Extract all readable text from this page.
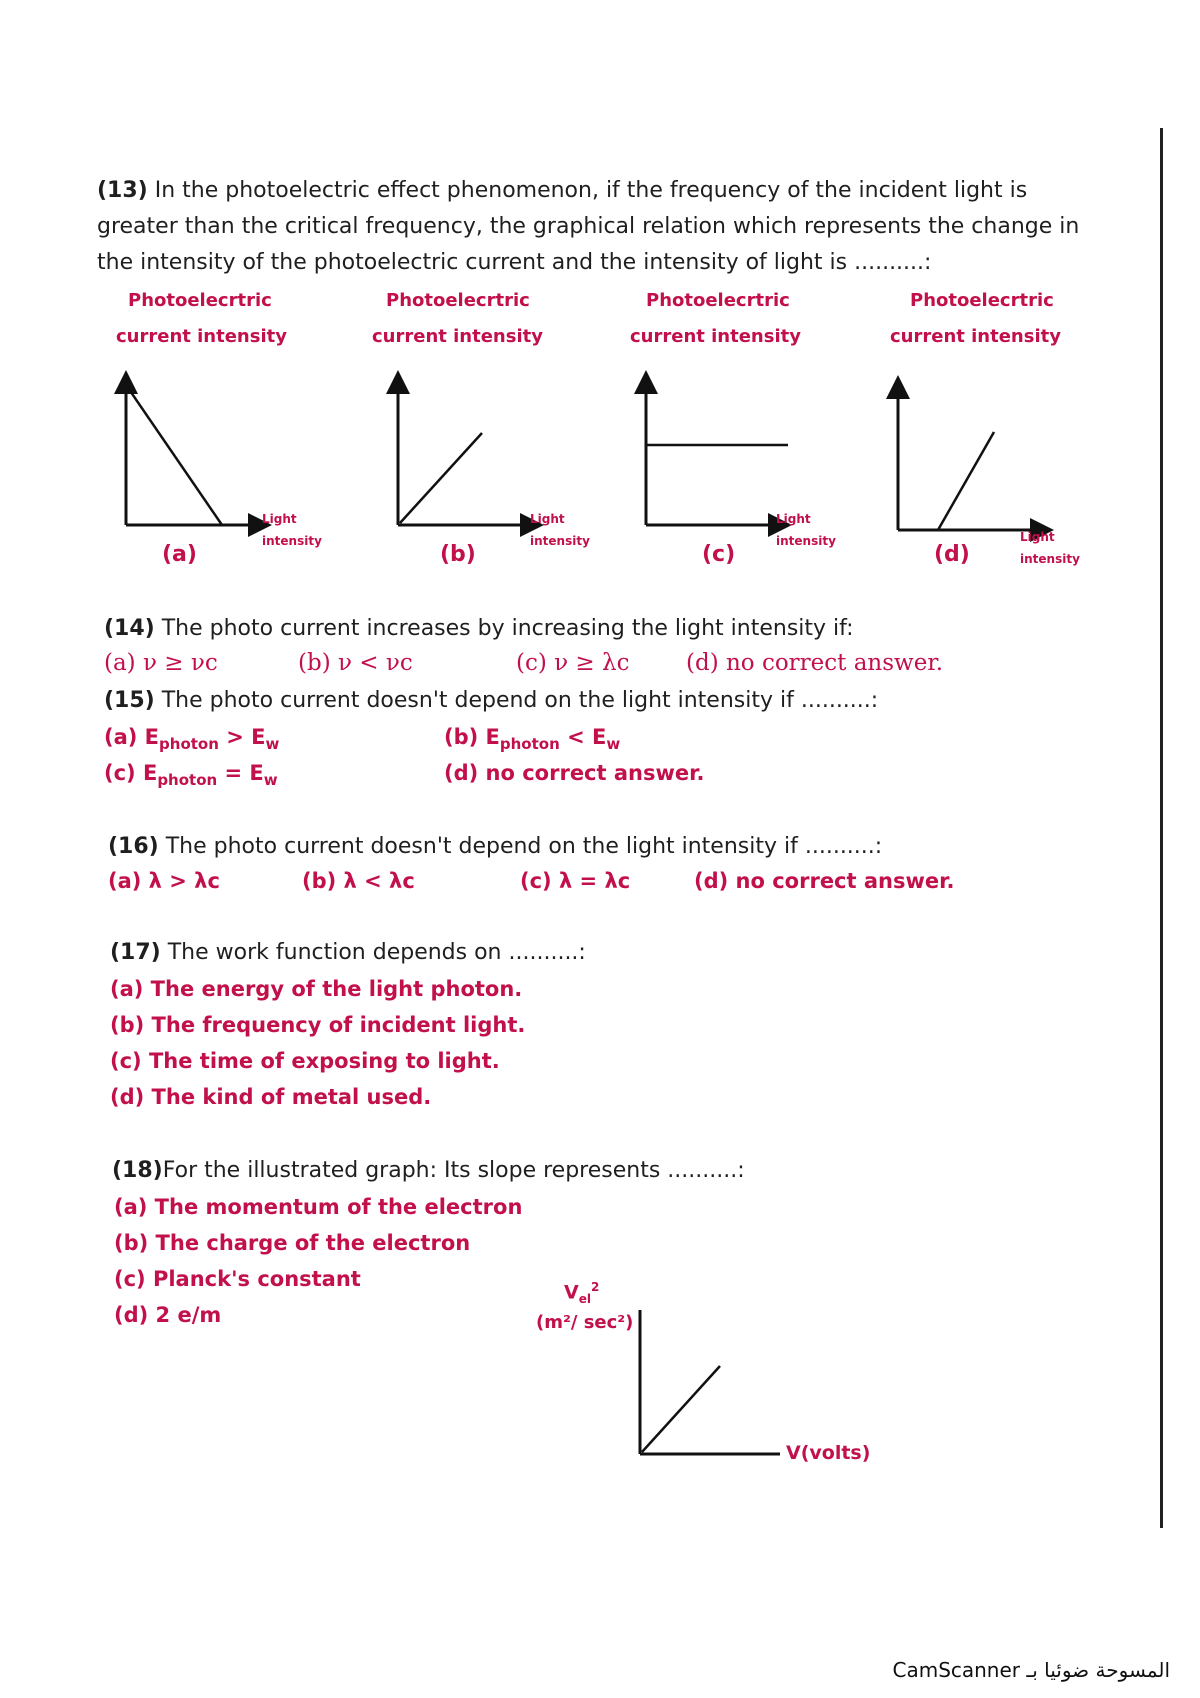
(13) In the photoelectric effect phenomenon, if the frequency of the incident light is
greater than the critical frequency, the graphical relation which represents the change in
the intensity of the photoelectric current and the intensity of light is ..........:
Photoelecrtric
current intensity
Photoelecrtric
current intensity
Photoelecrtric
current intensity
Photoelecrtric
current intensity
Light
intensity
Light
intensity
Light
intensity	Light
intensity
(a)	(b)	(c)	(d)
(14) The photo current increases by increasing the light intensity if:
(a) ν ≥ νc	(b) ν < νc	(c) ν ≥ λc (d) no correct answer.
(15) The photo current doesn't depend on the light intensity if ..........:
(a) $E_{photon} > E_w$	(b) $E_{photon} < E_w$
(c) $E_{photon} = E_w$	(d) no correct answer.
(16) The photo current doesn't depend on the light intensity if ..........:
(a) λ > λc	(b) λ < λc	(c) λ = λc	(d) no correct answer.
(17) The work function depends on ..........:
(a) The energy of the light photon.
(b) The frequency of incident light.
(c) The time of exposing to light.
(d) The kind of metal used.
(18)For the illustrated graph: Its slope represents ..........:
(a) The momentum of the electron
(b) The charge of the electron
(c) Planck's constant
(d) 2 e/m
$V_{el}^2$
(m²/ sec²)
V(volts)
CamScanner المسوحة ضوئيا بـ
